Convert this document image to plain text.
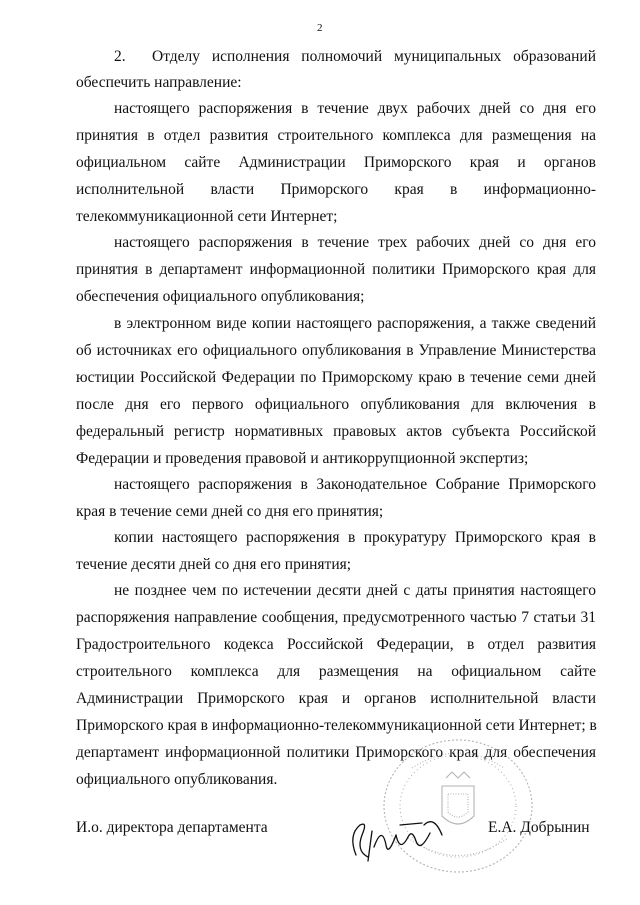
2
2. Отделу исполнения полномочий муниципальных образований
обеспечить направление:
настоящего распоряжения в течение двух рабочих дней со дня его
принятия в отдел развития строительного комплекса для размещения на
официальном сайте Администрации Приморского края и органов
исполнительной власти Приморского края в информационно-
телекоммуникационной сети Интернет;
настоящего распоряжения в течение трех рабочих дней со дня его
принятия в департамент информационной политики Приморского края для
обеспечения официального опубликования;
в электронном виде копии настоящего распоряжения, а также сведений
об источниках его официального опубликования в Управление Министерства
юстиции Российской Федерации по Приморскому краю в течение семи дней
после дня его первого официального опубликования для включения в
федеральный регистр нормативных правовых актов субъекта Российской
Федерации и проведения правовой и антикоррупционной экспертиз;
настоящего распоряжения в Законодательное Собрание Приморского
края в течение семи дней со дня его принятия;
копии настоящего распоряжения в прокуратуру Приморского края в
течение десяти дней со дня его принятия;
не позднее чем по истечении десяти дней с даты принятия настоящего
распоряжения направление сообщения, предусмотренного частью 7 статьи 31
Градостроительного кодекса Российской Федерации, в отдел развития
строительного комплекса для размещения на официальном сайте
Администрации Приморского края и органов исполнительной власти
Приморского края в информационно-телекоммуникационной сети Интернет; в
департамент информационной политики Приморского края для обеспечения
официального опубликования.
И.о. директора департамента	Е.А. Добрынин
